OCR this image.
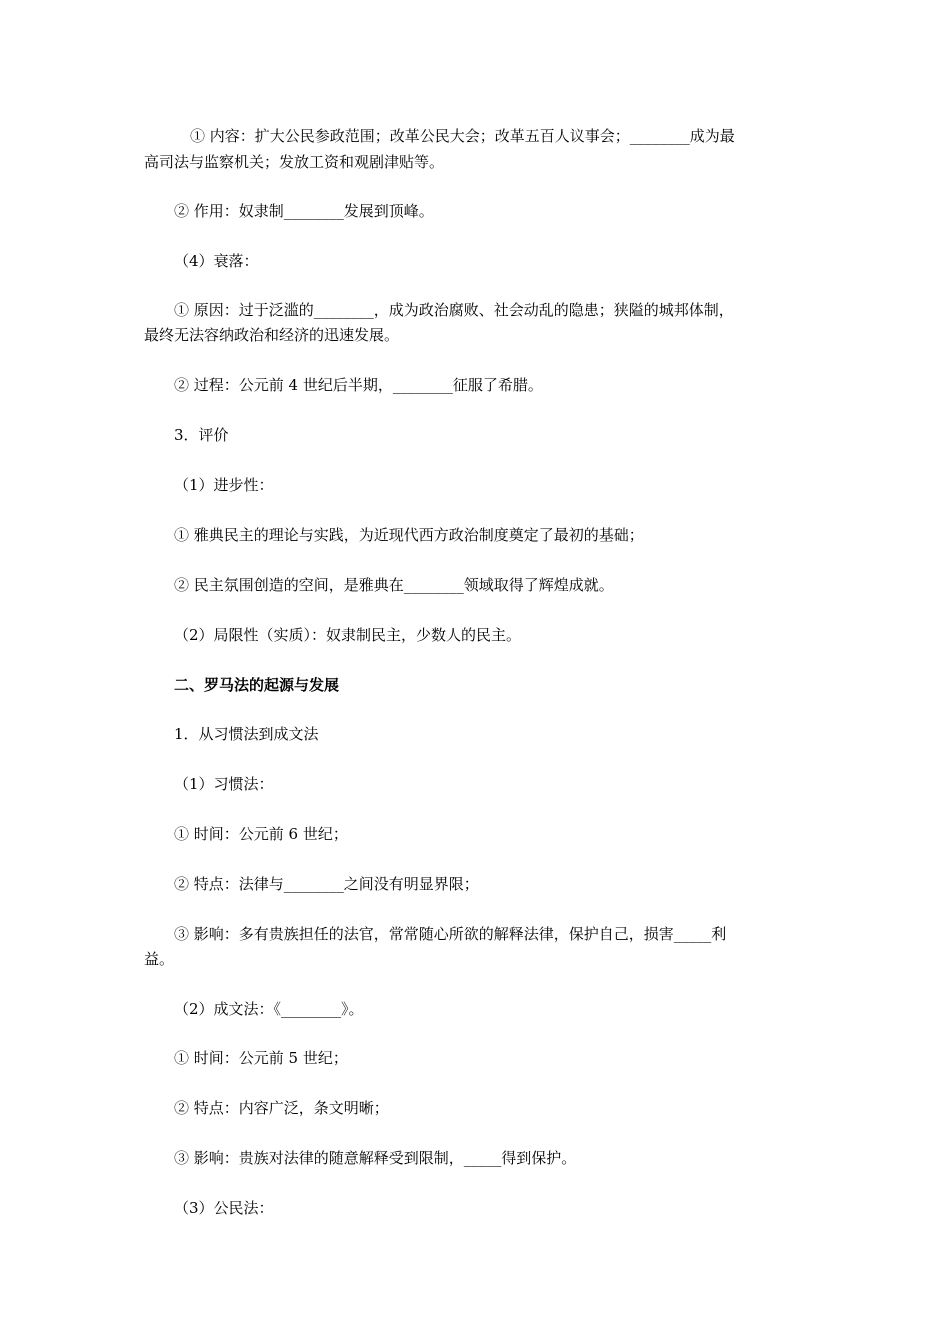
① 内容：扩大公民参政范围；改革公民大会；改革五百人议事会；________成为最
高司法与监察机关；发放工资和观剧津贴等。
② 作用：奴隶制________发展到顶峰。
（4）衰落：
① 原因：过于泛滥的________，成为政治腐败、社会动乱的隐患；狭隘的城邦体制，
最终无法容纳政治和经济的迅速发展。
② 过程：公元前 4 世纪后半期，________征服了希腊。
3．评价
（1）进步性：
① 雅典民主的理论与实践，为近现代西方政治制度奠定了最初的基础；
② 民主氛围创造的空间，是雅典在________领域取得了辉煌成就。
（2）局限性（实质）：奴隶制民主，少数人的民主。
二、罗马法的起源与发展
1．从习惯法到成文法
（1）习惯法：
① 时间：公元前 6 世纪；
② 特点：法律与________之间没有明显界限；
③ 影响：多有贵族担任的法官，常常随心所欲的解释法律，保护自己，损害_____利
益。
（2）成文法：《________》。
① 时间：公元前 5 世纪；
② 特点：内容广泛，条文明晰；
③ 影响：贵族对法律的随意解释受到限制，_____得到保护。
（3）公民法：
